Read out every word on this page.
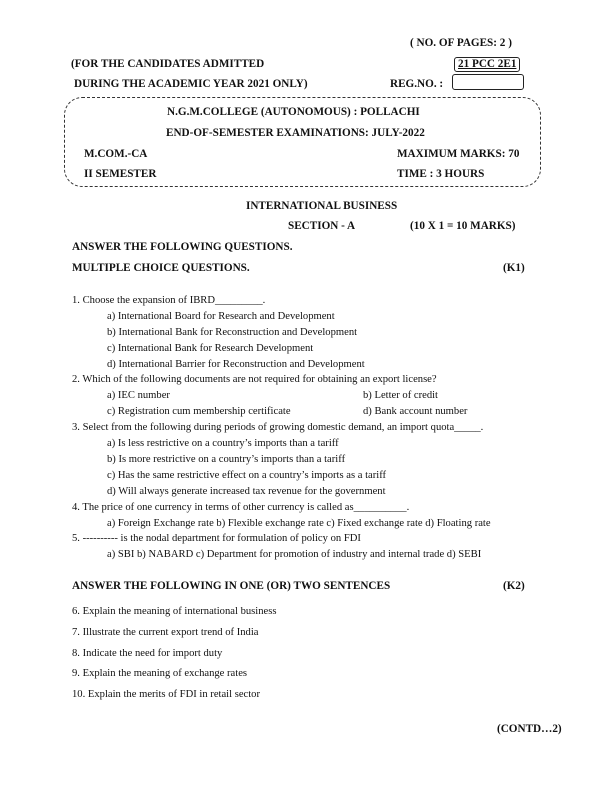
( NO. OF PAGES: 2 )
(FOR THE CANDIDATES ADMITTED	21 PCC 2E1
DURING THE ACADEMIC YEAR 2021 ONLY)	REG.NO. :
N.G.M.COLLEGE (AUTONOMOUS) : POLLACHI
END-OF-SEMESTER EXAMINATIONS: JULY-2022
M.COM.-CA	MAXIMUM MARKS: 70
II SEMESTER	TIME : 3 HOURS
INTERNATIONAL BUSINESS
SECTION - A	(10 X 1 = 10 MARKS)
ANSWER THE FOLLOWING QUESTIONS.
MULTIPLE CHOICE QUESTIONS.	(K1)
1. Choose the expansion of IBRD_________.
a) International Board for Research and Development
b) International Bank for Reconstruction and Development
c) International Bank for Research Development
d) International Barrier for Reconstruction and Development
2. Which of the following documents are not required for obtaining an export license?
a) IEC number	b) Letter of credit
c) Registration cum membership certificate	d) Bank account number
3. Select from the following during periods of growing domestic demand, an import quota_____.
a) Is less restrictive on a country’s imports than a tariff
b) Is more restrictive on a country’s imports than a tariff
c) Has the same restrictive effect on a country’s imports as a tariff
d) Will always generate increased tax revenue for the government
4. The price of one currency in terms of other currency is called as__________.
a) Foreign Exchange rate b) Flexible exchange rate c) Fixed exchange rate d) Floating rate
5. ---------- is the nodal department for formulation of policy on FDI
a) SBI b) NABARD c) Department for promotion of industry and internal trade d) SEBI
ANSWER THE FOLLOWING IN ONE (OR) TWO SENTENCES	(K2)
6. Explain the meaning of international business
7. Illustrate the current export trend of India
8. Indicate the need for import duty
9. Explain the meaning of exchange rates
10. Explain the merits of FDI in retail sector
(CONTD…2)
